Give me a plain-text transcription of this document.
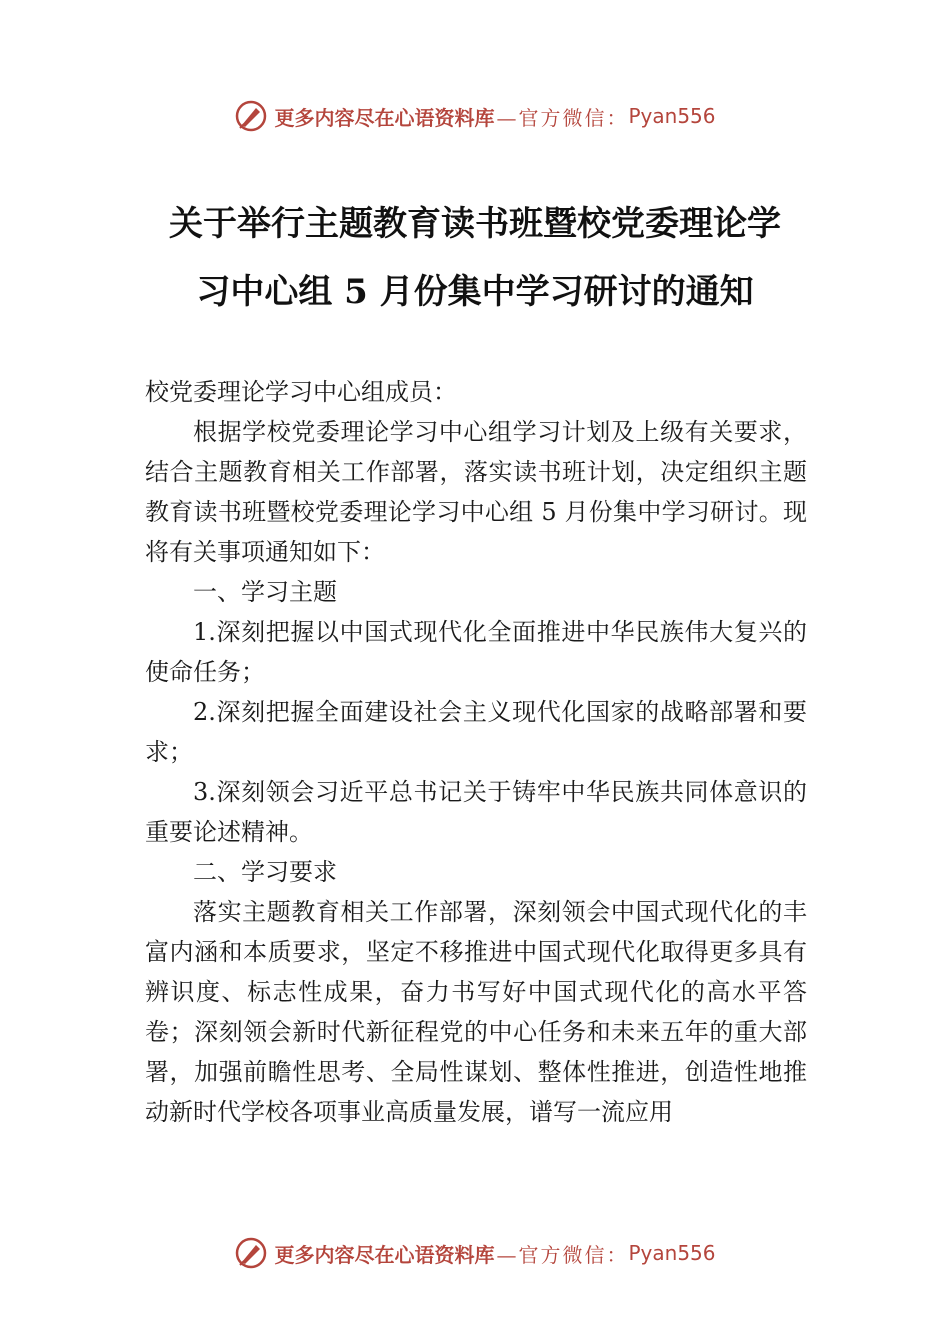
更多内容尽在心语资料库 —官方微信： Pyan556
关于举行主题教育读书班暨校党委理论学
习中心组 5 月份集中学习研讨的通知

校党委理论学习中心组成员：

根据学校党委理论学习中心组学习计划及上级有关要求，结合主题教育相关工作部署，落实读书班计划，决定组织主题教育读书班暨校党委理论学习中心组 5 月份集中学习研讨。现将有关事项通知如下：

一、学习主题

1.深刻把握以中国式现代化全面推进中华民族伟大复兴的使命任务；

2.深刻把握全面建设社会主义现代化国家的战略部署和要求；

3.深刻领会习近平总书记关于铸牢中华民族共同体意识的重要论述精神。

二、学习要求

落实主题教育相关工作部署，深刻领会中国式现代化的丰富内涵和本质要求，坚定不移推进中国式现代化取得更多具有辨识度、标志性成果，奋力书写好中国式现代化的高水平答卷；深刻领会新时代新征程党的中心任务和未来五年的重大部署，加强前瞻性思考、全局性谋划、整体性推进，创造性地推动新时代学校各项事业高质量发展，谱写一流应用

更多内容尽在心语资料库 —官方微信： Pyan556
